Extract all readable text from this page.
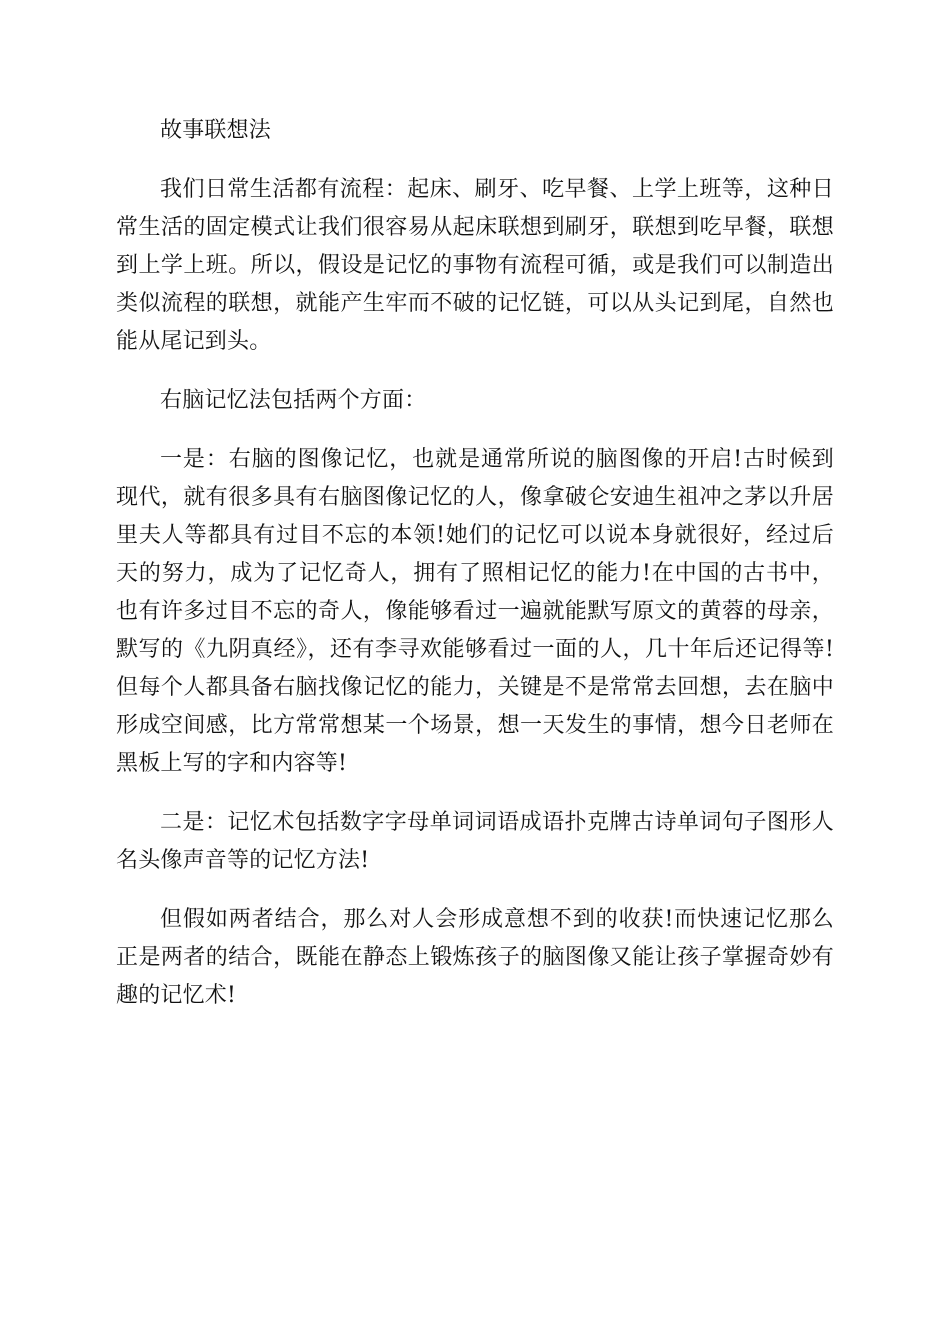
故事联想法

我们日常生活都有流程：起床、刷牙、吃早餐、上学上班等，这种日常生活的固定模式让我们很容易从起床联想到刷牙，联想到吃早餐，联想到上学上班。所以，假设是记忆的事物有流程可循，或是我们可以制造出类似流程的联想，就能产生牢而不破的记忆链，可以从头记到尾，自然也能从尾记到头。

右脑记忆法包括两个方面：

一是：右脑的图像记忆，也就是通常所说的脑图像的开启!古时候到现代，就有很多具有右脑图像记忆的人，像拿破仑安迪生祖冲之茅以升居里夫人等都具有过目不忘的本领!她们的记忆可以说本身就很好，经过后天的努力，成为了记忆奇人，拥有了照相记忆的能力!在中国的古书中，也有许多过目不忘的奇人，像能够看过一遍就能默写原文的黄蓉的母亲，默写的《九阴真经》，还有李寻欢能够看过一面的人，几十年后还记得等!但每个人都具备右脑找像记忆的能力，关键是不是常常去回想，去在脑中形成空间感，比方常常想某一个场景，想一天发生的事情，想今日老师在黑板上写的字和内容等!

二是：记忆术包括数字字母单词词语成语扑克牌古诗单词句子图形人名头像声音等的记忆方法!

但假如两者结合，那么对人会形成意想不到的收获!而快速记忆那么正是两者的结合，既能在静态上锻炼孩子的脑图像又能让孩子掌握奇妙有趣的记忆术!
